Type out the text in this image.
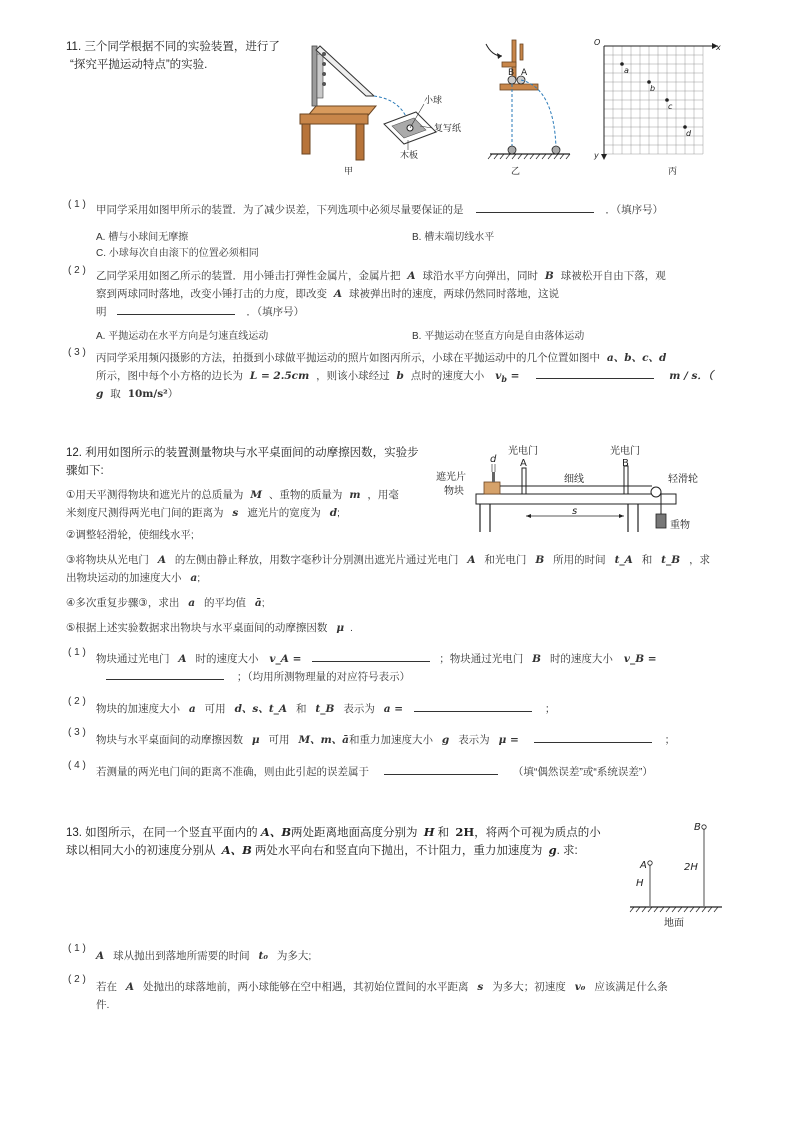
11. 三个同学根据不同的实验装置，进行了
“探究平抛运动特点”的实验.
小球
复写纸
木板
甲
B A
乙
O
x
y
a
b
c
d
丙
( 1 ) 甲同学采用如图甲所示的装置．为了减少误差，下列选项中必须尽量要保证的是	．（填序号）
A. 槽与小球间无摩擦	B. 槽末端切线水平
C. 小球每次自由滚下的位置必须相同
( 2 ) 乙同学采用如图乙所示的装置．用小锤击打弹性金属片，金属片把 A 球沿水平方向弹出，同时 B 球被松开自由下落，观
察到两球同时落地，改变小锤打击的力度，即改变 A 球被弹出时的速度，两球仍然同时落地，这说
明	．（填序号）
A. 平抛运动在水平方向是匀速直线运动	B. 平抛运动在竖直方向是自由落体运动
( 3 ) 丙同学采用频闪摄影的方法，拍摄到小球做平抛运动的照片如图丙所示，小球在平抛运动中的几个位置如图中 a、b、c、d
所示，图中每个小方格的边长为 L = 2.5cm ，则该小球经过 b 点时的速度大小 $v_b$ =	m / s．（
g 取 10m/s²）
12. 利用如图所示的装置测量物块与水平桌面间的动摩擦因数，实验步
骤如下:
d
s
光电门
A
光电门
B
遮光片
物块
细线	轻滑轮
重物
①用天平测得物块和遮光片的总质量为 M 、重物的质量为 m ，用毫
米刻度尺测得两光电门间的距离为 s 遮光片的宽度为 d;
②调整轻滑轮，使细线水平;
③将物块从光电门 A 的左侧由静止释放，用数字毫秒计分别测出遮光片通过光电门 A 和光电门 B 所用的时间 t_A 和 t_B ，求
出物块运动的加速度大小 a;
④多次重复步骤③，求出 a 的平均值 ā;
⑤根据上述实验数据求出物块与水平桌面间的动摩擦因数 μ .
( 1 )
物块通过光电门 A 时的速度大小 v_A =	；物块通过光电门 B 时的速度大小 v_B =
；（均用所测物理量的对应符号表示）
( 2 )
物块的加速度大小 a 可用 d、s、t_A 和 t_B 表示为 a =	；
( 3 )
物块与水平桌面间的动摩擦因数 μ 可用 M、m、ā和重力加速度大小 g 表示为 μ =	；
( 4 )
若测量的两光电门间的距离不准确，则由此引起的误差属于	（填“偶然误差”或“系统误差”）
13. 如图所示，在同一个竖直平面内的 A、B两处距离地面高度分别为 H 和 2H，将两个可视为质点的小
球以相同大小的初速度分别从 A、B 两处水平向右和竖直向下抛出，不计阻力，重力加速度为 g. 求:
B
A
H
2H
地面
( 1 )
A 球从抛出到落地所需要的时间 t₀ 为多大;
( 2 )
若在 A 处抛出的球落地前，两小球能够在空中相遇，其初始位置间的水平距离 s 为多大；初速度 v₀ 应该满足什么条
件.
